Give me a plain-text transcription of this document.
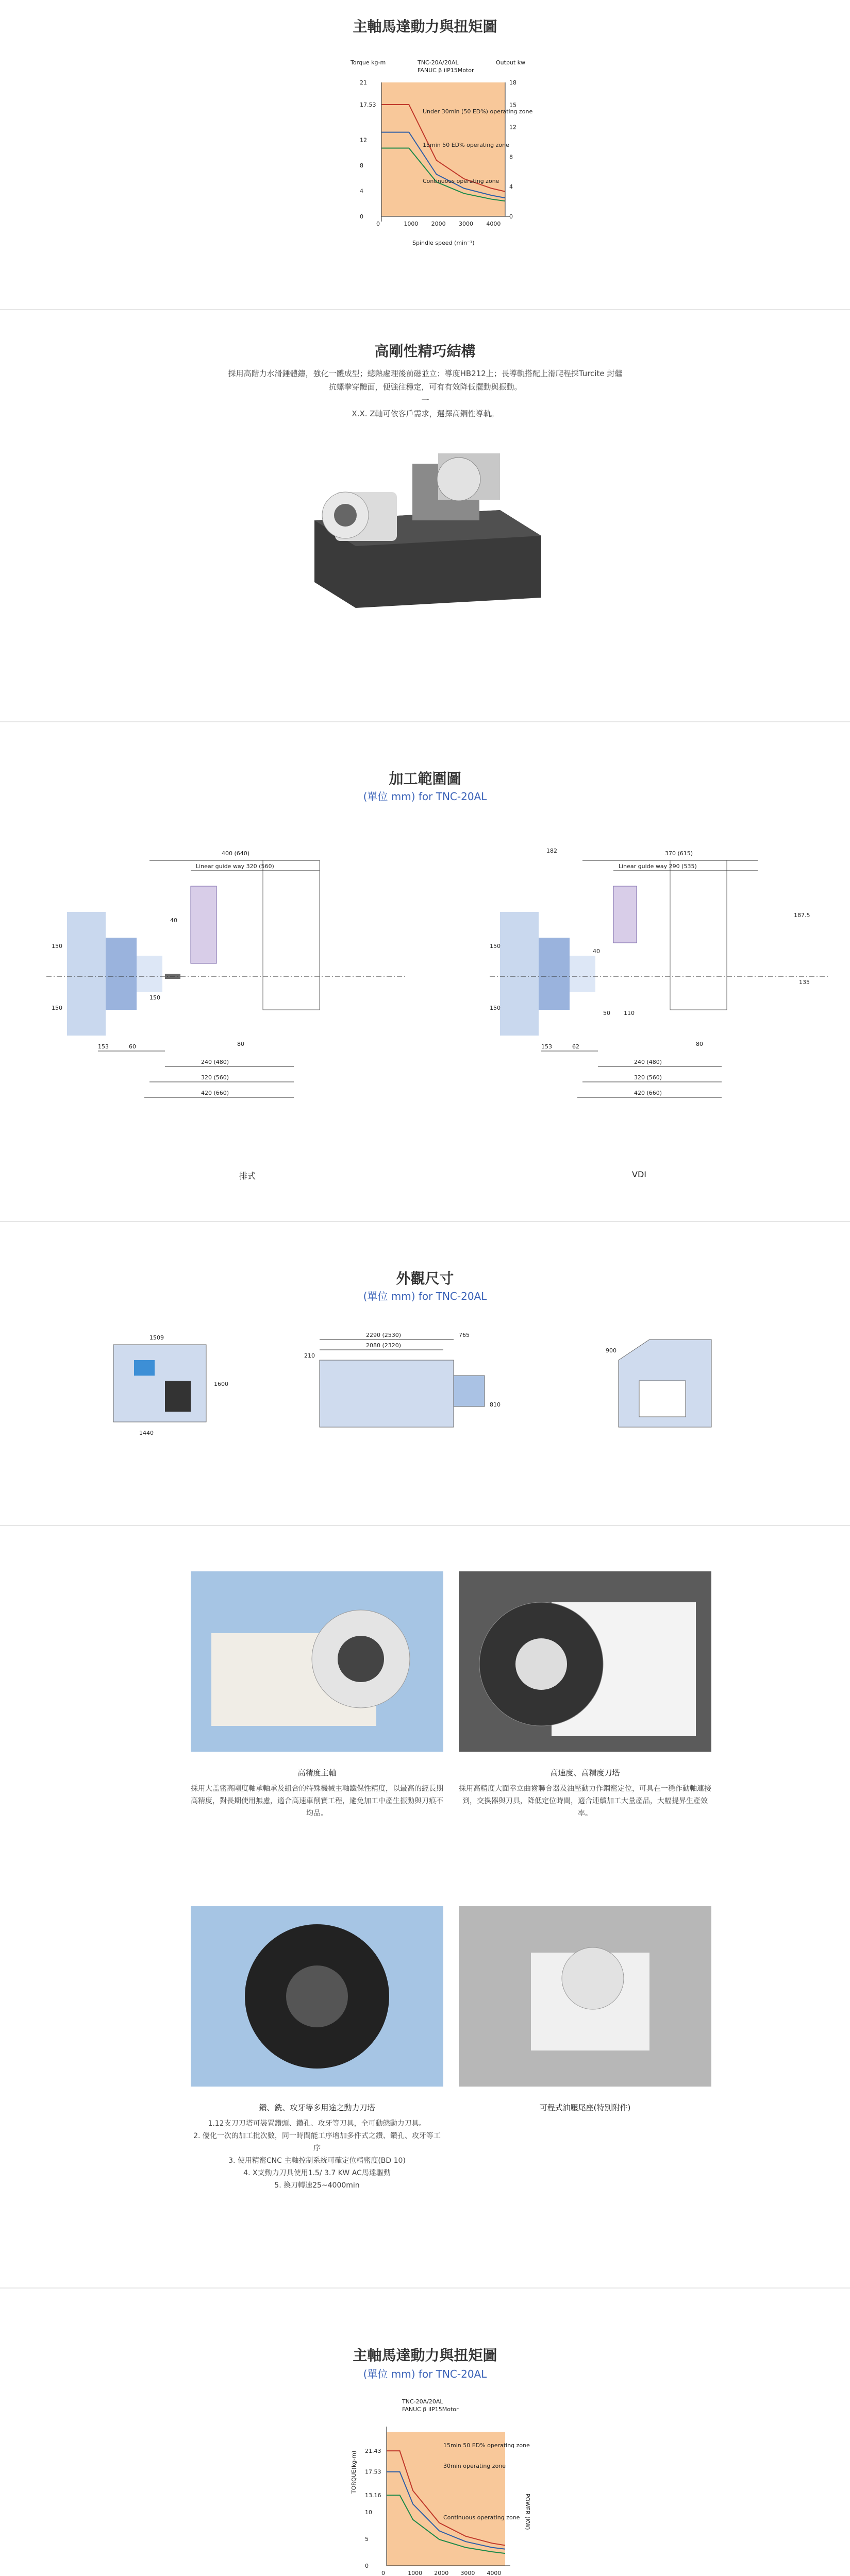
主軸馬達動力與扭矩圖
Torque kg-m	Output kw
TNC-20A/20AL
FANUC β iIP15Motor
Under 30min (50 ED%) operating zone
15min 50 ED% operating zone
Continuous operating zone
Spindle speed (min⁻¹)
0	1000 2000 3000 4000
0
4
8
12
17.53
21
0
4
8
12
15
18
高剛性精巧結構
採用高階力水滑錘體鑄，強化一體成型；總熱處理後前磁並立；導度HB212上；長導軌搭配上滑爬程採Turcite 封繼
抗螺拳穿體面，便強往穩定，可有有效降低擺動與振動。
一
X.X. Z軸可依客戶需求，選擇高鋼性導軌。
加工範圍圖
(單位 mm) for TNC-20AL
400 (640)
Linear guide way 320 (560)
150
150
153	60
40
240 (480)
320 (560)
420 (660)
80
150
排式
182	370 (615)
Linear guide way 290 (535)
150
150
135
187.5
50 110
40
153	62
240 (480)
320 (560)
420 (660)
80
VDI
外觀尺寸
(單位 mm) for TNC-20AL
1509
1440
1600
2290 (2530)
2080 (2320)
765
210
810
900
高精度主軸
採用大盖密高剛度軸承軸承及組合的特殊機械主軸鐵保性精度，以最高的經長期高精度，對長期使用無慮，適合高速車削實工程，避免加工中產生振動與刀痕不均品。
高速度、高精度刀塔
採用高精度大面幸立曲齒聯合器及油壓動力作鋼密定位，可具在一穩作動軸連接到，交換器與刀具，降低定位時間，適合連續加工大量產品，大幅提昇生產效率。
鑽、銑、攻牙等多用途之動力刀塔
1.12支刀刀塔可裝置鑽頭、鑽孔、攻牙等刀具，全可動態動力刀具。
2. 優化一次的加工批次數，同一時間能工序增加多件式之鑽、鑽孔、攻牙等工序
3. 使用精密CNC 主軸控制系統可確定位精密度(BD 10)
4. X支動力刀具使用1.5/ 3.7 KW AC馬達驅動
5. 換刀轉速25~4000min
可程式油壓尾座(特別附件)
主軸馬達動力與扭矩圖
(單位 mm) for TNC-20AL
TNC-20A/20AL
FANUC β iIP15Motor
TORQUE(kg-m)
POWER (KW)
15min 50 ED% operating zone
30min operating zone
Continuous operating zone
0	1000 2000 3000 4000
0
5
10
13.16
17.53
21.43
